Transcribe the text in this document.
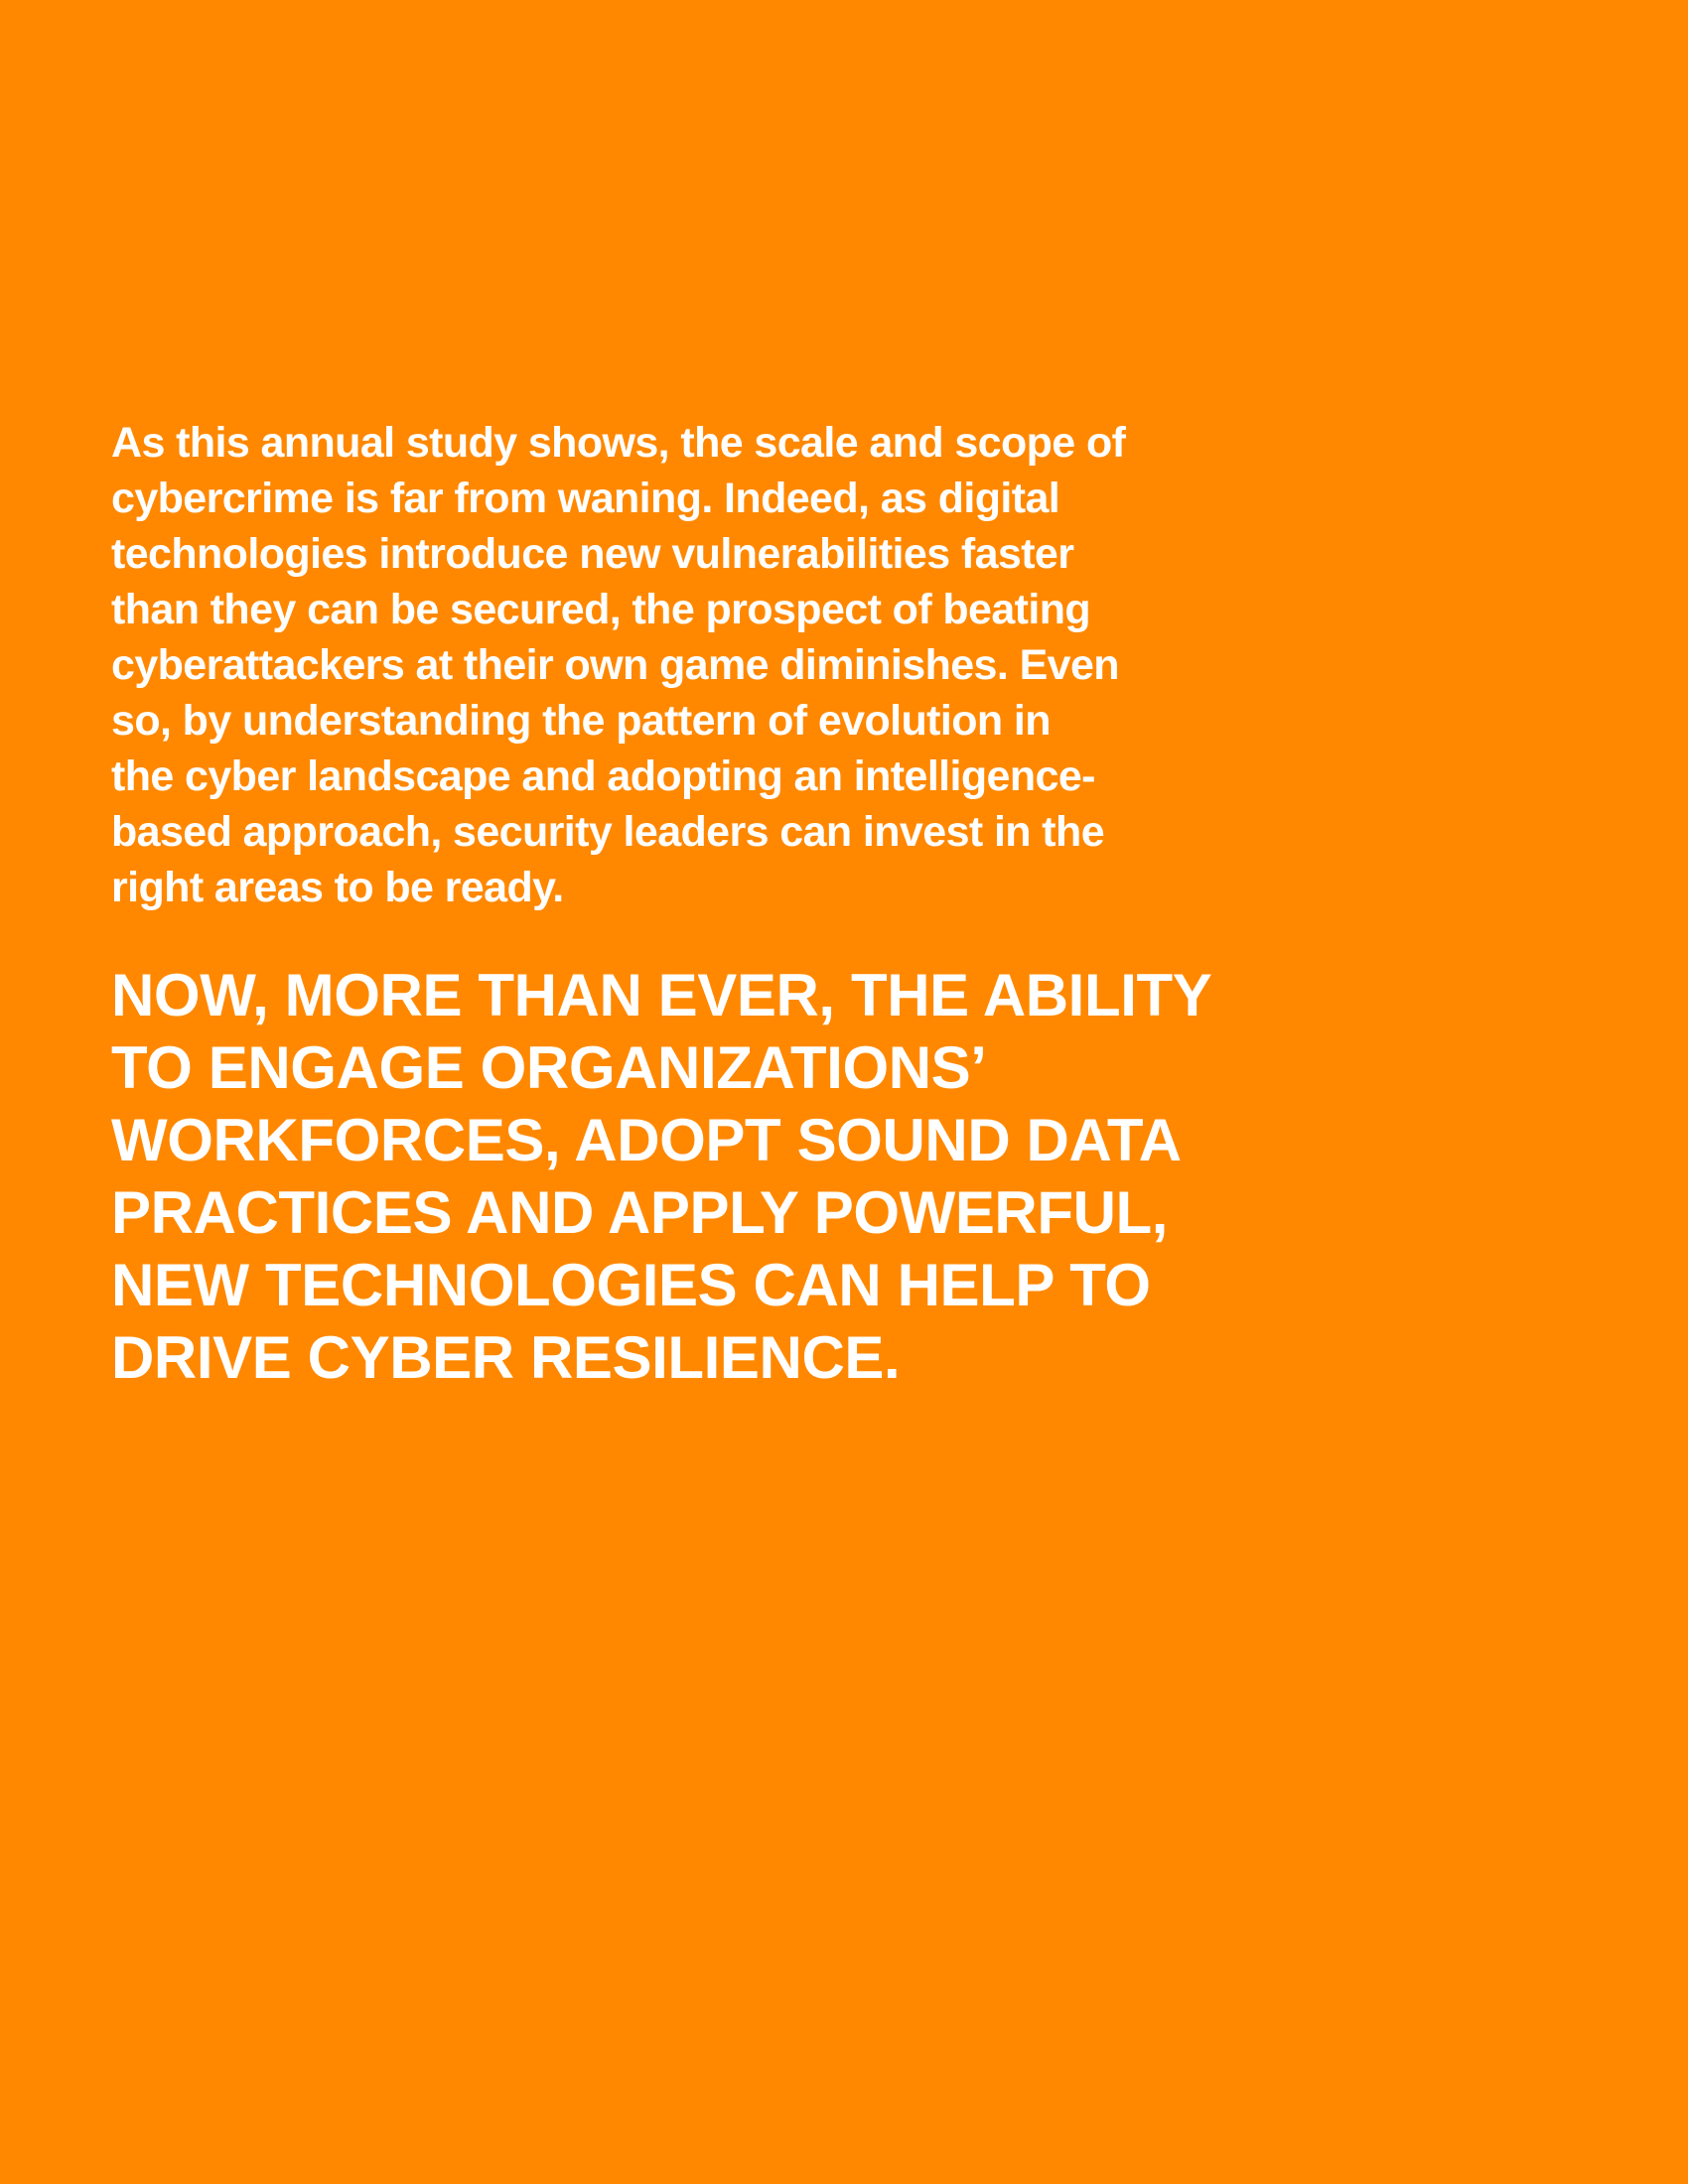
As this annual study shows, the scale and scope of
cybercrime is far from waning. Indeed, as digital
technologies introduce new vulnerabilities faster
than they can be secured, the prospect of beating
cyberattackers at their own game diminishes. Even
so, by understanding the pattern of evolution in
the cyber landscape and adopting an intelligence-
based approach, security leaders can invest in the
right areas to be ready.

NOW, MORE THAN EVER, THE ABILITY
TO ENGAGE ORGANIZATIONS’
WORKFORCES, ADOPT SOUND DATA
PRACTICES AND APPLY POWERFUL,
NEW TECHNOLOGIES CAN HELP TO
DRIVE CYBER RESILIENCE.
